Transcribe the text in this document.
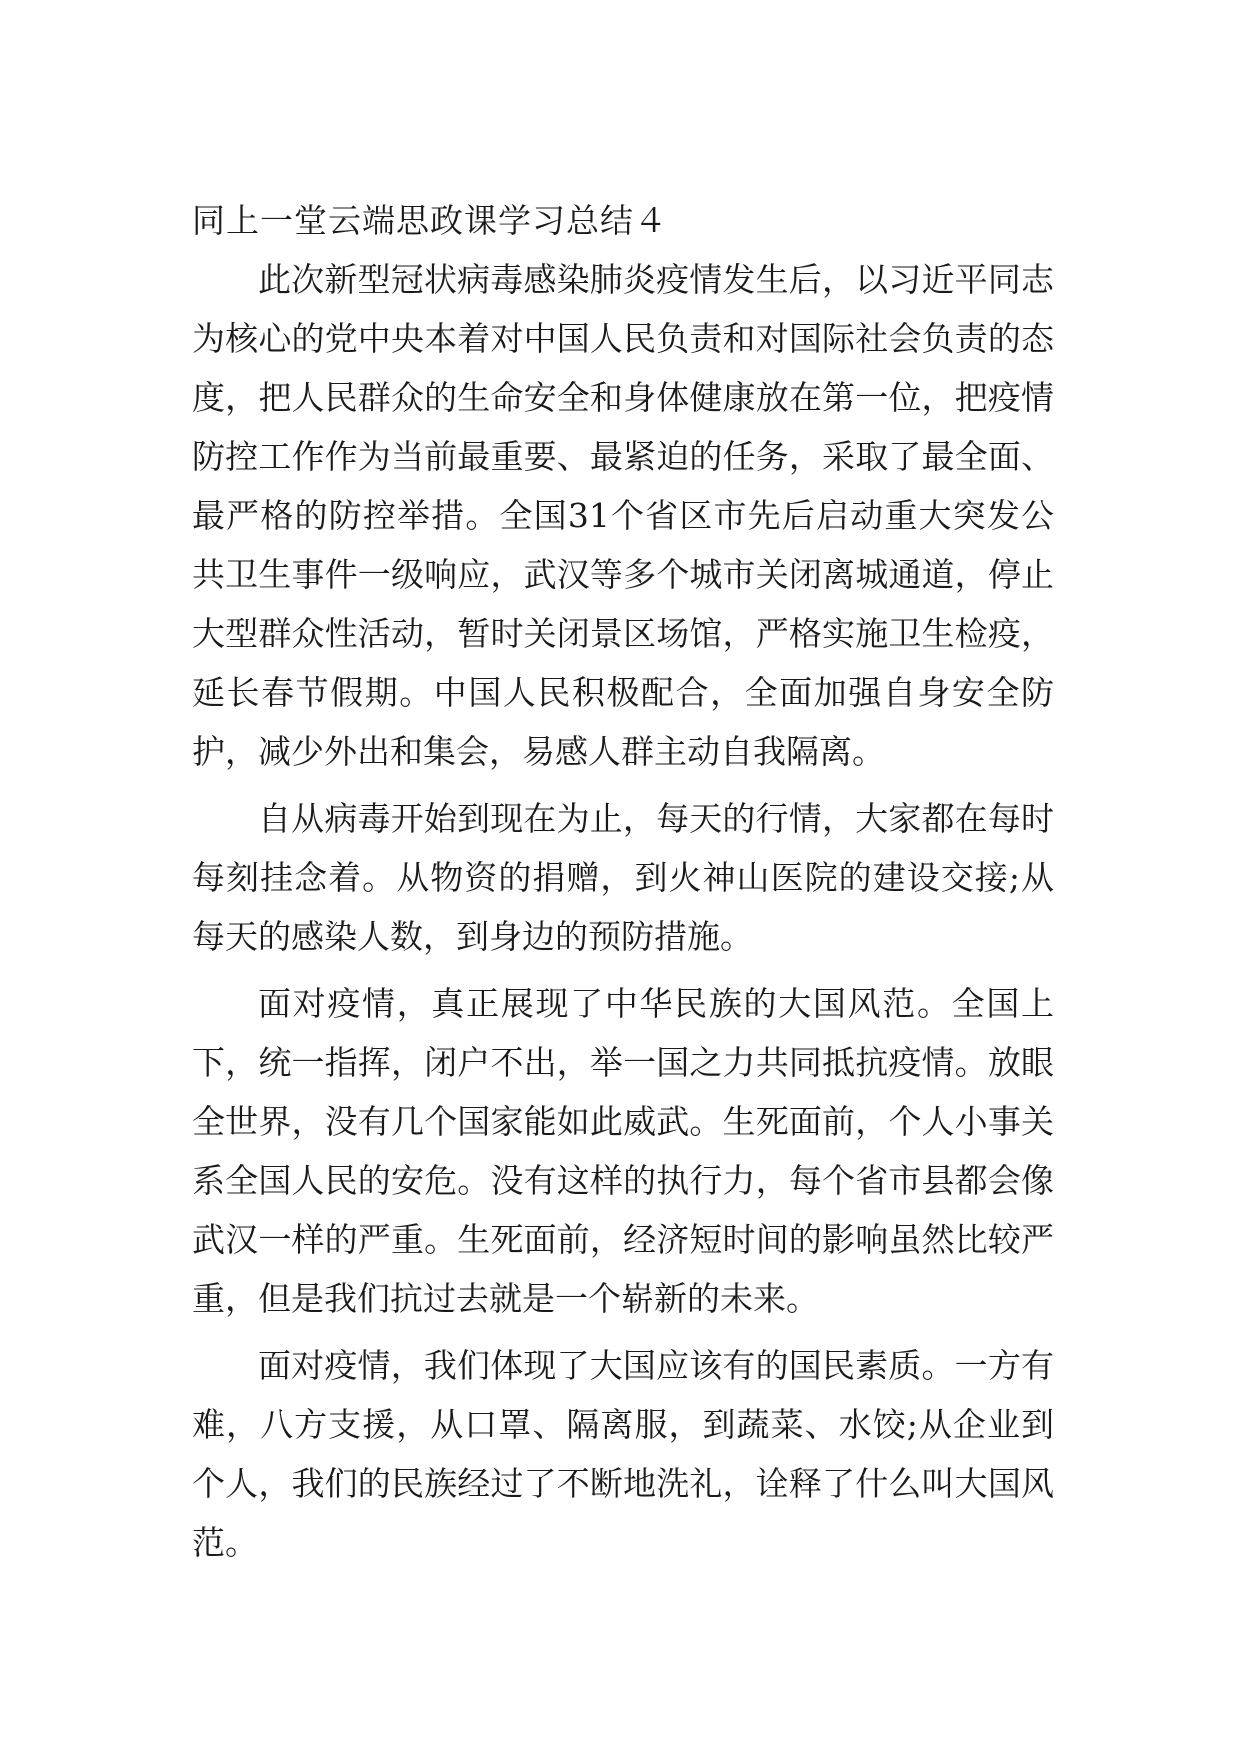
同上一堂云端思政课学习总结４

此次新型冠状病毒感染肺炎疫情发生后，以习近平同志为核心的党中央本着对中国人民负责和对国际社会负责的态度，把人民群众的生命安全和身体健康放在第一位，把疫情防控工作作为当前最重要、最紧迫的任务，采取了最全面、最严格的防控举措。全国31个省区市先后启动重大突发公共卫生事件一级响应，武汉等多个城市关闭离城通道，停止大型群众性活动，暂时关闭景区场馆，严格实施卫生检疫，延长春节假期。中国人民积极配合，全面加强自身安全防护，减少外出和集会，易感人群主动自我隔离。

自从病毒开始到现在为止，每天的行情，大家都在每时每刻挂念着。从物资的捐赠，到火神山医院的建设交接;从每天的感染人数，到身边的预防措施。

面对疫情，真正展现了中华民族的大国风范。全国上下，统一指挥，闭户不出，举一国之力共同抵抗疫情。放眼全世界，没有几个国家能如此威武。生死面前，个人小事关系全国人民的安危。没有这样的执行力，每个省市县都会像武汉一样的严重。生死面前，经济短时间的影响虽然比较严重，但是我们抗过去就是一个崭新的未来。

面对疫情，我们体现了大国应该有的国民素质。一方有难，八方支援，从口罩、隔离服，到蔬菜、水饺;从企业到个人，我们的民族经过了不断地洗礼，诠释了什么叫大国风范。
